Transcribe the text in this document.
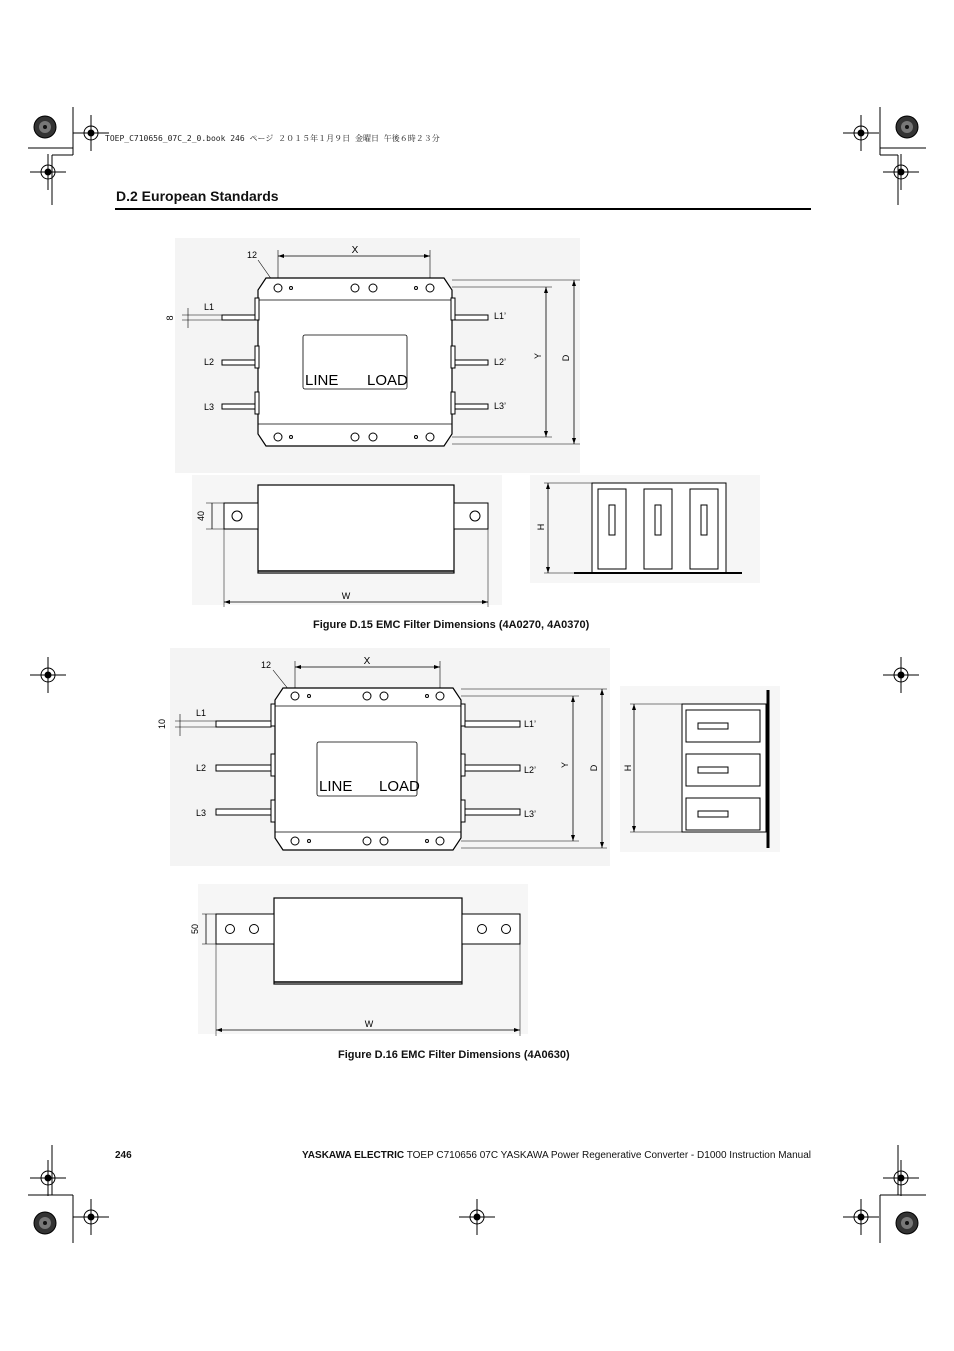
TOEP_C710656_07C_2_0.book 246 ページ ２０１５年１月９日 金曜日 午後６時２３分
D.2 European Standards
X
12
8
L1
L2
L3
L1’
L2’
L3’
LINE LOAD
Y D
40
W
H
Figure D.15 EMC Filter Dimensions (4A0270, 4A0370)
X
12
10
L1
L2
L3
L1’
L2’
L3’
LINE LOAD
Y D	H
50
W
Figure D.16 EMC Filter Dimensions (4A0630)
246	YASKAWA ELECTRIC TOEP C710656 07C YASKAWA Power Regenerative Converter - D1000 Instruction Manual
